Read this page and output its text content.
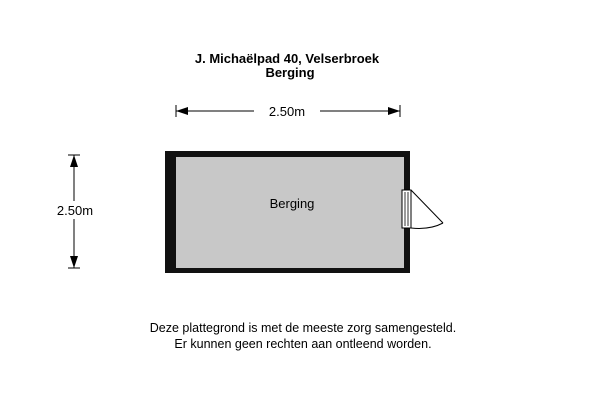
J. Michaëlpad 40, Velserbroek
Berging
2.50m
2.50m	Berging
Deze plattegrond is met de meeste zorg samengesteld.
Er kunnen geen rechten aan ontleend worden.
